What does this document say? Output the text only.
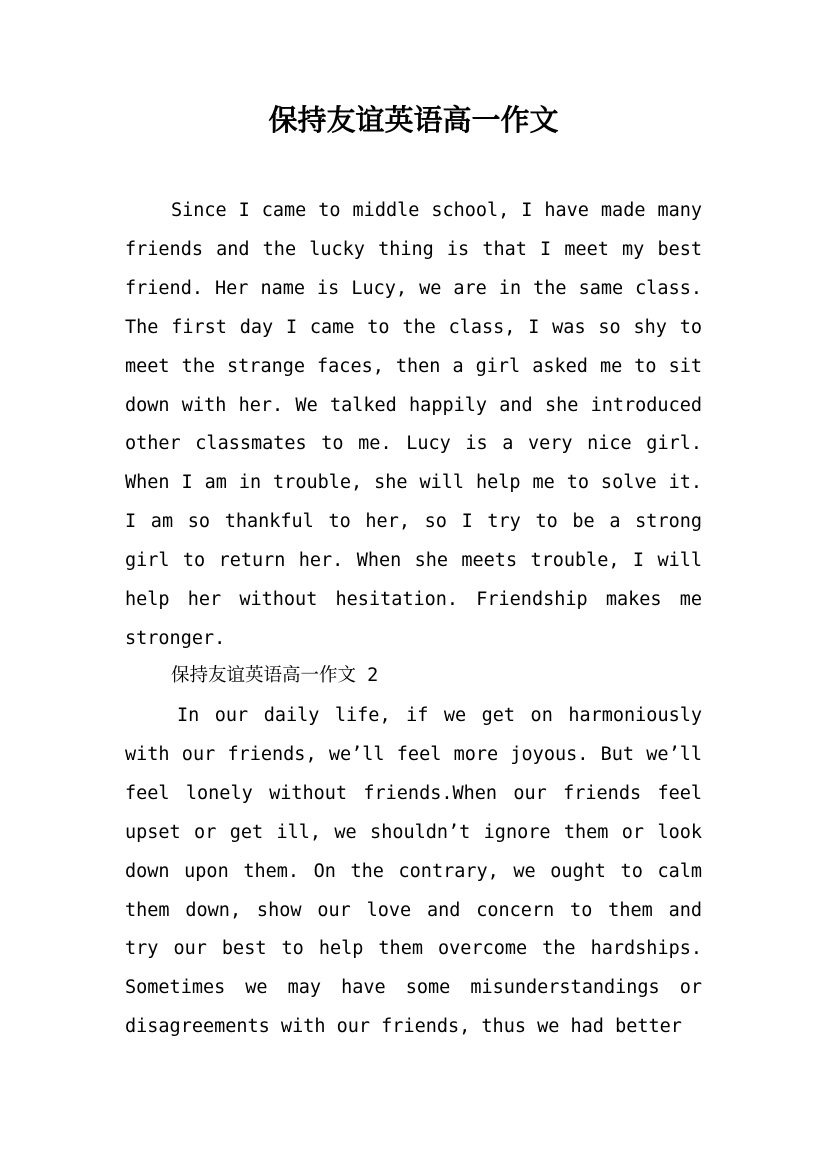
保持友谊英语高一作文
Since I came to middle school, I have made many friends and the lucky thing is that I meet my best friend. Her name is Lucy, we are in the same class. The first day I came to the class, I was so shy to meet the strange faces, then a girl asked me to sit down with her. We talked happily and she introduced other classmates to me. Lucy is a very nice girl. When I am in trouble, she will help me to solve it. I am so thankful to her, so I try to be a strong girl to return her. When she meets trouble, I will help her without hesitation. Friendship makes me stronger.
保持友谊英语高一作文 2
In our daily life, if we get on harmoniously with our friends, we’ll feel more joyous. But we’ll feel lonely without friends.When our friends feel upset or get ill, we shouldn’t ignore them or look down upon them. On the contrary, we ought to calm them down, show our love and concern to them and try our best to help them overcome the hardships. Sometimes we may have some misunderstandings or disagreements with our friends, thus we had better
